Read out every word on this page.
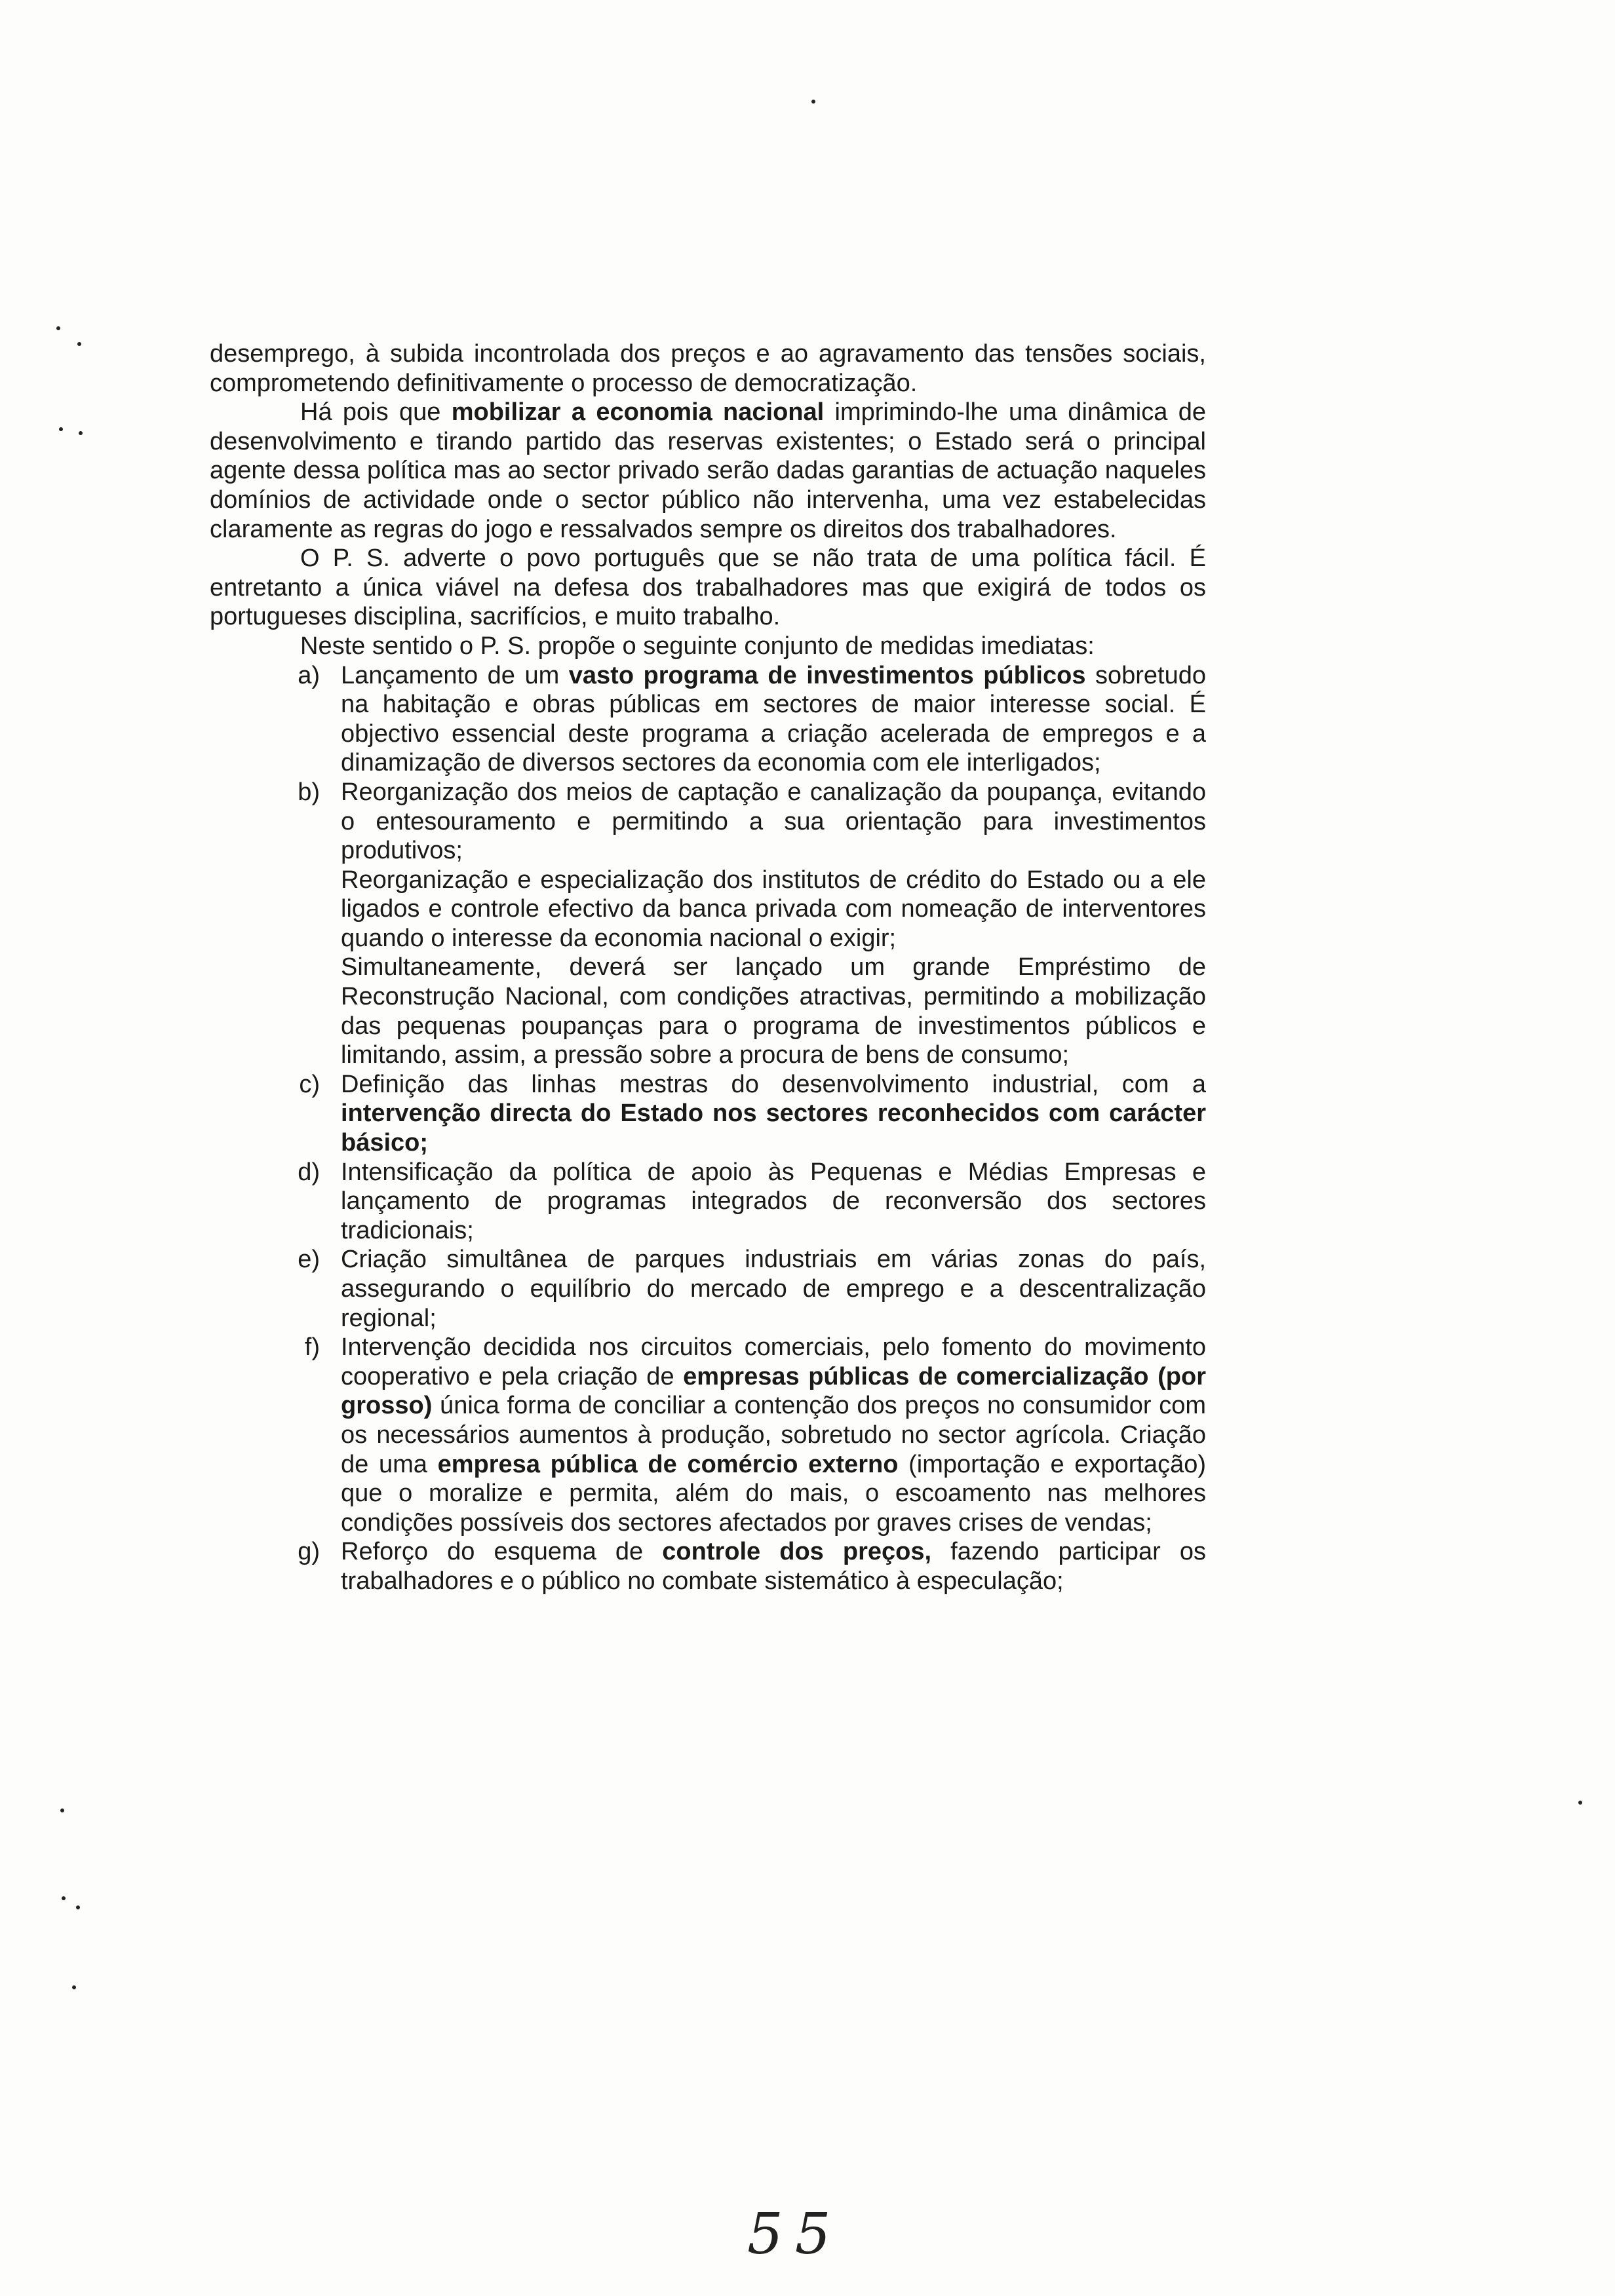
desemprego, à subida incontrolada dos preços e ao agravamento das tensões sociais, comprometendo definitivamente o processo de democratização.

Há pois que mobilizar a economia nacional imprimindo-lhe uma dinâmica de desenvolvimento e tirando partido das reservas existentes; o Estado será o principal agente dessa política mas ao sector privado serão dadas garantias de actuação naqueles domínios de actividade onde o sector público não intervenha, uma vez estabelecidas claramente as regras do jogo e ressalvados sempre os direitos dos trabalhadores.

O P. S. adverte o povo português que se não trata de uma política fácil. É entretanto a única viável na defesa dos trabalhadores mas que exigirá de todos os portugueses disciplina, sacrifícios, e muito trabalho.

Neste sentido o P. S. propõe o seguinte conjunto de medidas imediatas:

a) Lançamento de um vasto programa de investimentos públicos sobretudo na habitação e obras públicas em sectores de maior interesse social. É objectivo essencial deste programa a criação acelerada de empregos e a dinamização de diversos sectores da economia com ele interligados;

b) Reorganização dos meios de captação e canalização da poupança, evitando o entesouramento e permitindo a sua orientação para investimentos produtivos;

Reorganização e especialização dos institutos de crédito do Estado ou a ele ligados e controle efectivo da banca privada com nomeação de interventores quando o interesse da economia nacional o exigir;

Simultaneamente, deverá ser lançado um grande Empréstimo de Reconstrução Nacional, com condições atractivas, permitindo a mobilização das pequenas poupanças para o programa de investimentos públicos e limitando, assim, a pressão sobre a procura de bens de consumo;

c) Definição das linhas mestras do desenvolvimento industrial, com a intervenção directa do Estado nos sectores reconhecidos com carácter básico;

d) Intensificação da política de apoio às Pequenas e Médias Empresas e lançamento de programas integrados de reconversão dos sectores tradicionais;

e) Criação simultânea de parques industriais em várias zonas do país, assegurando o equilíbrio do mercado de emprego e a descentralização regional;

f) Intervenção decidida nos circuitos comerciais, pelo fomento do movimento cooperativo e pela criação de empresas públicas de comercialização (por grosso) única forma de conciliar a contenção dos preços no consumidor com os necessários aumentos à produção, sobretudo no sector agrícola. Criação de uma empresa pública de comércio externo (importação e exportação) que o moralize e permita, além do mais, o escoamento nas melhores condições possíveis dos sectores afectados por graves crises de vendas;

g) Reforço do esquema de controle dos preços, fazendo participar os trabalhadores e o público no combate sistemático à especulação;

55
